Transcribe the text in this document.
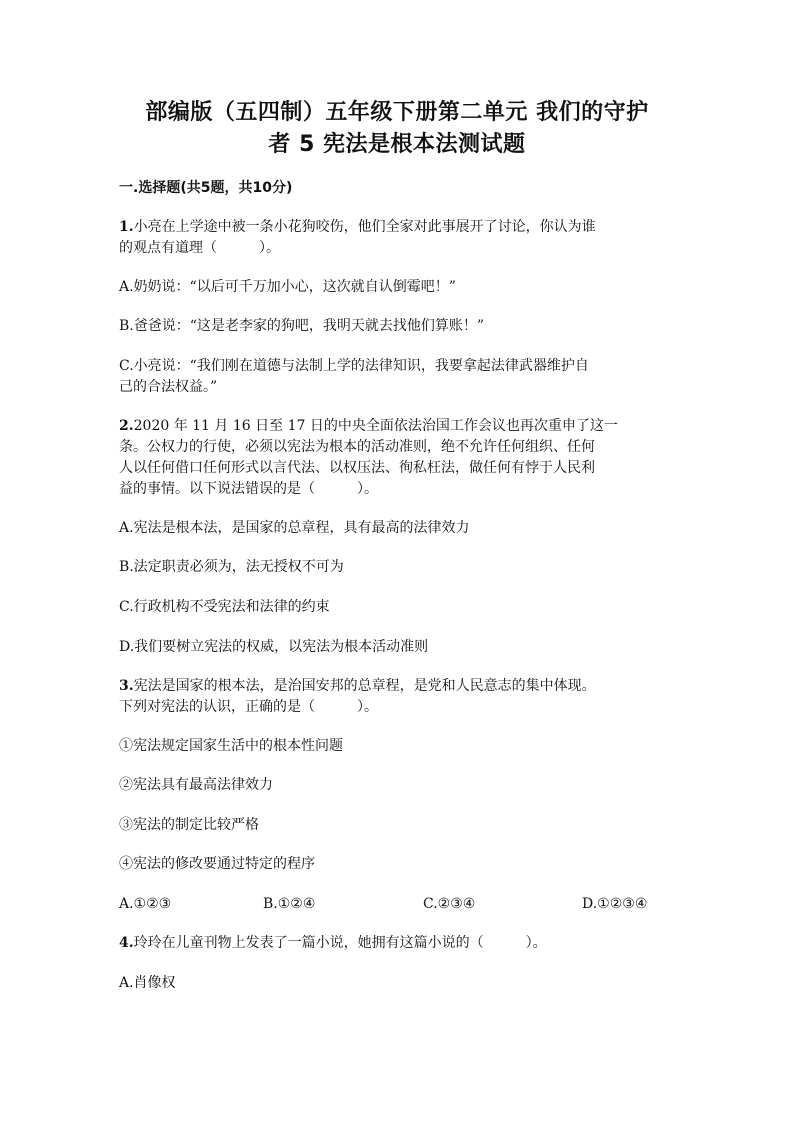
部编版（五四制）五年级下册第二单元 我们的守护
者 5 宪法是根本法测试题
一.选择题(共5题，共10分)
1.小亮在上学途中被一条小花狗咬伤，他们全家对此事展开了讨论，你认为谁
的观点有道理（　　　）。
A.奶奶说：“以后可千万加小心，这次就自认倒霉吧！”
B.爸爸说：“这是老李家的狗吧，我明天就去找他们算账！”
C.小亮说：“我们刚在道德与法制上学的法律知识，我要拿起法律武器维护自
己的合法权益。”
2.2020 年 11 月 16 日至 17 日的中央全面依法治国工作会议也再次重申了这一
条。公权力的行使，必须以宪法为根本的活动准则，绝不允许任何组织、任何
人以任何借口任何形式以言代法、以权压法、徇私枉法，做任何有悖于人民利
益的事情。以下说法错误的是（　　　）。
A.宪法是根本法，是国家的总章程，具有最高的法律效力
B.法定职责必须为，法无授权不可为
C.行政机构不受宪法和法律的约束
D.我们要树立宪法的权威，以宪法为根本活动准则
3.宪法是国家的根本法，是治国安邦的总章程，是党和人民意志的集中体现。
下列对宪法的认识，正确的是（　　　）。
①宪法规定国家生活中的根本性问题
②宪法具有最高法律效力
③宪法的制定比较严格
④宪法的修改要通过特定的程序
A.①②③	B.①②④	C.②③④	D.①②③④
4.玲玲在儿童刊物上发表了一篇小说，她拥有这篇小说的（　　　）。
A.肖像权
